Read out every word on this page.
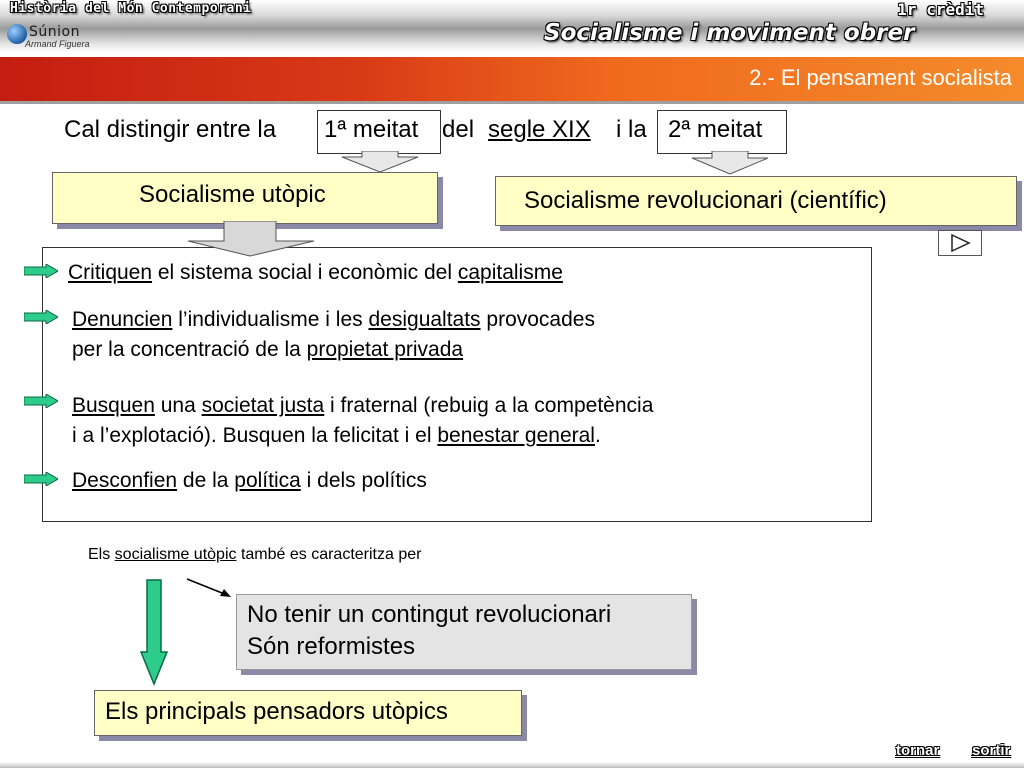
Història del Món Contemporani	1r crèdit
Socialisme i moviment obrer
Súnion
Armand Figuera
2.- El pensament socialista
Cal distingir entre la 1ª meitat del segle XIX i la 2ª meitat
Socialisme utòpic	Socialisme revolucionari (científic)
Critiquen el sistema social i econòmic del capitalisme
Denuncien l’individualisme i les desigualtats provocades
per la concentració de la propietat privada
Busquen una societat justa i fraternal (rebuig a la competència
i a l’explotació). Busquen la felicitat i el benestar general.
Desconfien de la política i dels polítics
Els socialisme utòpic també es caracteritza per
No tenir un contingut revolucionari
Són reformistes
Els principals pensadors utòpics
tornar sortir
